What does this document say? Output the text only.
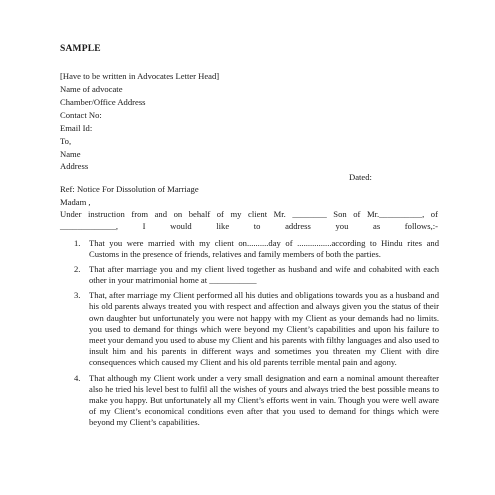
SAMPLE
[Have to be written in Advocates Letter Head]
Name of advocate
Chamber/Office Address
Contact No:
Email Id:
To,
Name
Address
Dated:
Ref: Notice For Dissolution of Marriage
Madam ,
Under instruction from and on behalf of my client Mr. ________ Son of Mr.__________, of
_____________,	I	would	like	to	address	you	as	follows,:-
1. That you were married with my client on..........day of ................according to Hindu rites and Customs in the presence of friends, relatives and family members of both the parties.
2. That after marriage you and my client lived together as husband and wife and cohabited with each other in your matrimonial home at ___________
3. That, after marriage my Client performed all his duties and obligations towards you as a husband and his old parents always treated you with respect and affection and always given you the status of their own daughter but unfortunately you were not happy with my Client as your demands had no limits. you used to demand for things which were beyond my Client’s capabilities and upon his failure to meet your demand you used to abuse my Client and his parents with filthy languages and also used to insult him and his parents in different ways and sometimes you threaten my Client with dire consequences which caused my Client and his old parents terrible mental pain and agony.
4. That although my Client work under a very small designation and earn a nominal amount thereafter also he tried his level best to fulfil all the wishes of yours and always tried the best possible means to make you happy. But unfortunately all my Client’s efforts went in vain. Though you were well aware of my Client’s economical conditions even after that you used to demand for things which were beyond my Client’s capabilities.
